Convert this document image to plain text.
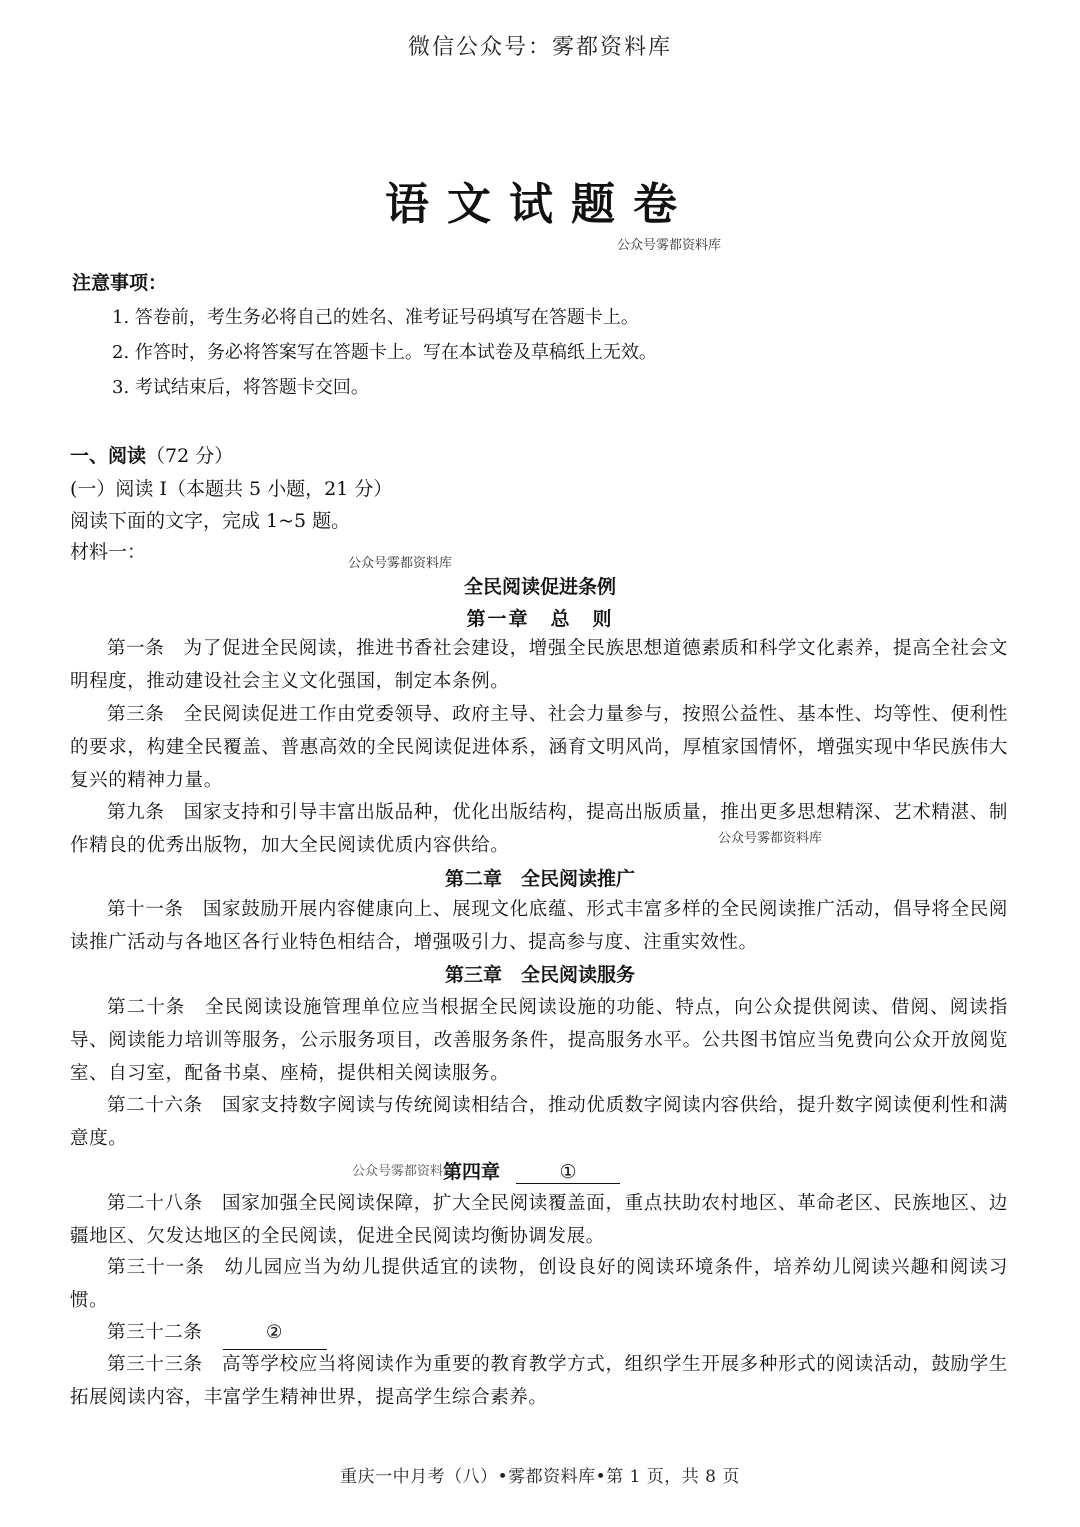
微信公众号：雾都资料库
语文试题卷
公众号雾都资料库
注意事项：
1. 答卷前，考生务必将自己的姓名、准考证号码填写在答题卡上。
2. 作答时，务必将答案写在答题卡上。写在本试卷及草稿纸上无效。
3. 考试结束后，将答题卡交回。
一、阅读（72 分）
(一）阅读 I（本题共 5 小题，21 分）
阅读下面的文字，完成 1~5 题。
材料一：
公众号雾都资料库
全民阅读促进条例
第一章　总　则
第一条　为了促进全民阅读，推进书香社会建设，增强全民族思想道德素质和科学文化素养，提高全社会文明程度，推动建设社会主义文化强国，制定本条例。
第三条　全民阅读促进工作由党委领导、政府主导、社会力量参与，按照公益性、基本性、均等性、便利性的要求，构建全民覆盖、普惠高效的全民阅读促进体系，涵育文明风尚，厚植家国情怀，增强实现中华民族伟大复兴的精神力量。
第九条　国家支持和引导丰富出版品种，优化出版结构，提高出版质量，推出更多思想精深、艺术精湛、制作精良的优秀出版物，加大全民阅读优质内容供给。	公众号雾都资料库
第二章　全民阅读推广
第十一条　国家鼓励开展内容健康向上、展现文化底蕴、形式丰富多样的全民阅读推广活动，倡导将全民阅读推广活动与各地区各行业特色相结合，增强吸引力、提高参与度、注重实效性。
第三章　全民阅读服务
第二十条　全民阅读设施管理单位应当根据全民阅读设施的功能、特点，向公众提供阅读、借阅、阅读指导、阅读能力培训等服务，公示服务项目，改善服务条件，提高服务水平。公共图书馆应当免费向公众开放阅览室、自习室，配备书桌、座椅，提供相关阅读服务。
第二十六条　国家支持数字阅读与传统阅读相结合，推动优质数字阅读内容供给，提升数字阅读便利性和满意度。
第四章	①
公众号雾都资料库
第二十八条　国家加强全民阅读保障，扩大全民阅读覆盖面，重点扶助农村地区、革命老区、民族地区、边疆地区、欠发达地区的全民阅读，促进全民阅读均衡协调发展。
第三十一条　幼儿园应当为幼儿提供适宜的读物，创设良好的阅读环境条件，培养幼儿阅读兴趣和阅读习惯。
第三十二条	②
第三十三条　高等学校应当将阅读作为重要的教育教学方式，组织学生开展多种形式的阅读活动，鼓励学生拓展阅读内容，丰富学生精神世界，提高学生综合素养。
重庆一中月考（八）•雾都资料库•第 1 页，共 8 页
